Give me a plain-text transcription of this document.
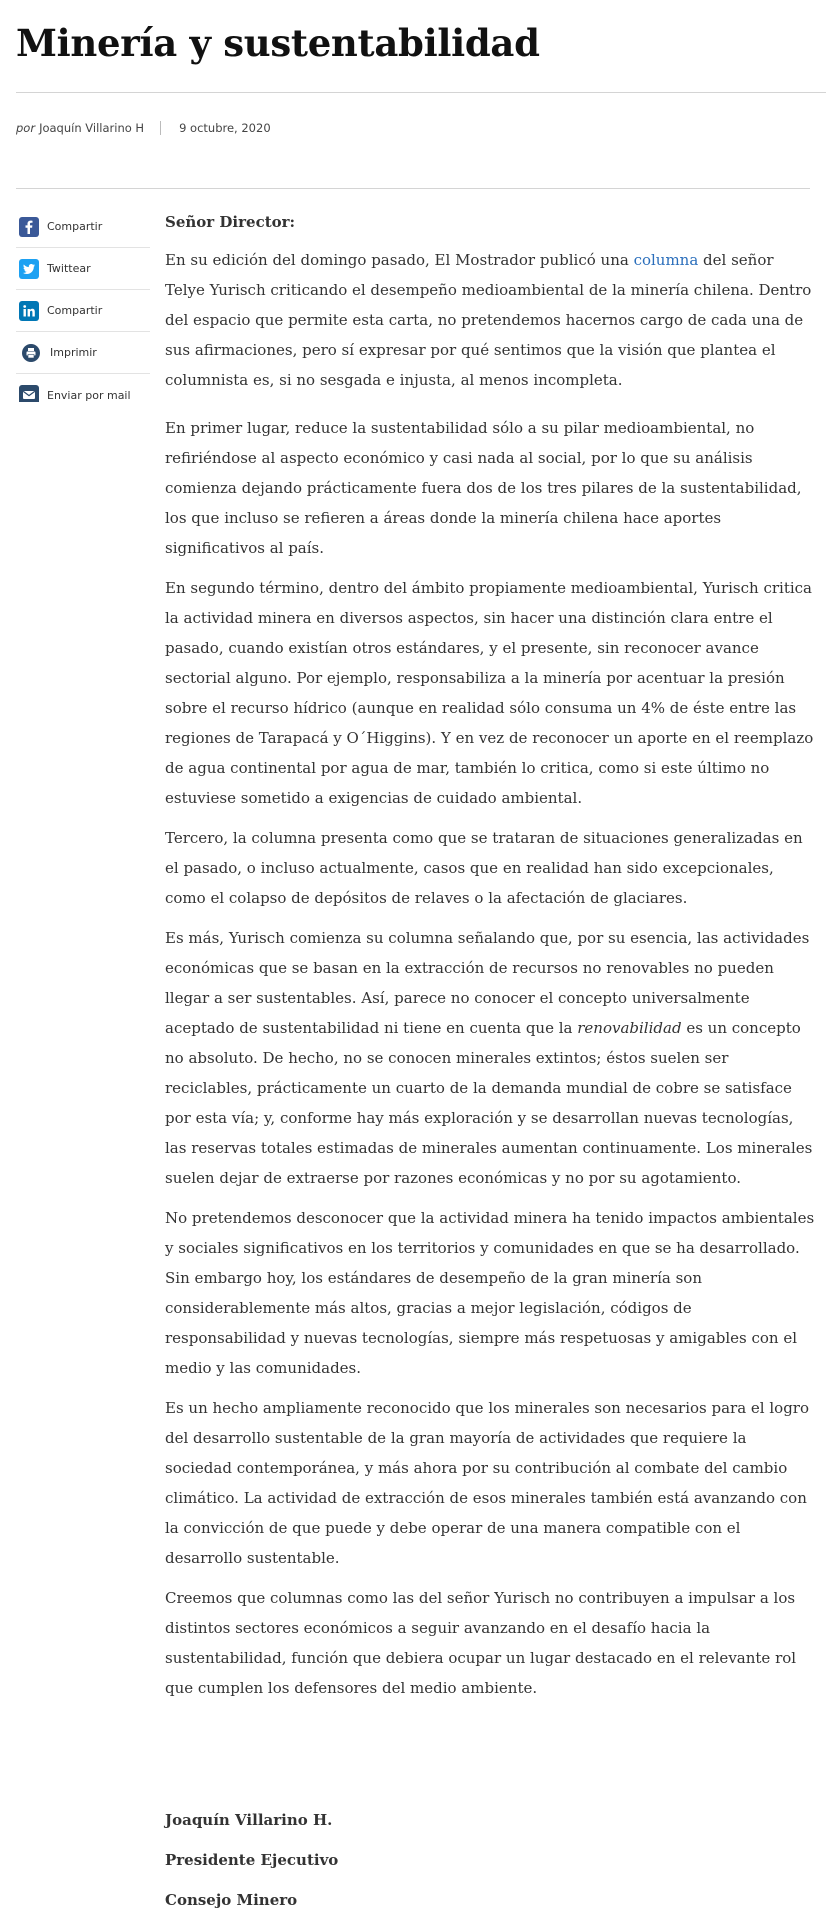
Minería y sustentabilidad
por Joaquín Villarino H	9 octubre, 2020
Compartir
Twittear
Compartir
Imprimir
Enviar por mail

Señor Director:

En su edición del domingo pasado, El Mostrador publicó una columna del señor Telye Yurisch criticando el desempeño medioambiental de la minería chilena. Dentro del espacio que permite esta carta, no pretendemos hacernos cargo de cada una de sus afirmaciones, pero sí expresar por qué sentimos que la visión que plantea el columnista es, si no sesgada e injusta, al menos incompleta.

En primer lugar, reduce la sustentabilidad sólo a su pilar medioambiental, no refiriéndose al aspecto económico y casi nada al social, por lo que su análisis comienza dejando prácticamente fuera dos de los tres pilares de la sustentabilidad, los que incluso se refieren a áreas donde la minería chilena hace aportes significativos al país.

En segundo término, dentro del ámbito propiamente medioambiental, Yurisch critica la actividad minera en diversos aspectos, sin hacer una distinción clara entre el pasado, cuando existían otros estándares, y el presente, sin reconocer avance sectorial alguno. Por ejemplo, responsabiliza a la minería por acentuar la presión sobre el recurso hídrico (aunque en realidad sólo consuma un 4% de éste entre las regiones de Tarapacá y O´Higgins). Y en vez de reconocer un aporte en el reemplazo de agua continental por agua de mar, también lo critica, como si este último no estuviese sometido a exigencias de cuidado ambiental.

Tercero, la columna presenta como que se trataran de situaciones generalizadas en el pasado, o incluso actualmente, casos que en realidad han sido excepcionales, como el colapso de depósitos de relaves o la afectación de glaciares.

Es más, Yurisch comienza su columna señalando que, por su esencia, las actividades económicas que se basan en la extracción de recursos no renovables no pueden llegar a ser sustentables. Así, parece no conocer el concepto universalmente aceptado de sustentabilidad ni tiene en cuenta que la renovabilidad es un concepto no absoluto. De hecho, no se conocen minerales extintos; éstos suelen ser reciclables, prácticamente un cuarto de la demanda mundial de cobre se satisface por esta vía; y, conforme hay más exploración y se desarrollan nuevas tecnologías, las reservas totales estimadas de minerales aumentan continuamente. Los minerales suelen dejar de extraerse por razones económicas y no por su agotamiento.

No pretendemos desconocer que la actividad minera ha tenido impactos ambientales y sociales significativos en los territorios y comunidades en que se ha desarrollado. Sin embargo hoy, los estándares de desempeño de la gran minería son considerablemente más altos, gracias a mejor legislación, códigos de responsabilidad y nuevas tecnologías, siempre más respetuosas y amigables con el medio y las comunidades.

Es un hecho ampliamente reconocido que los minerales son necesarios para el logro del desarrollo sustentable de la gran mayoría de actividades que requiere la sociedad contemporánea, y más ahora por su contribución al combate del cambio climático. La actividad de extracción de esos minerales también está avanzando con la convicción de que puede y debe operar de una manera compatible con el desarrollo sustentable.

Creemos que columnas como las del señor Yurisch no contribuyen a impulsar a los distintos sectores económicos a seguir avanzando en el desafío hacia la sustentabilidad, función que debiera ocupar un lugar destacado en el relevante rol que cumplen los defensores del medio ambiente.

Joaquín Villarino H.
Presidente Ejecutivo
Consejo Minero
